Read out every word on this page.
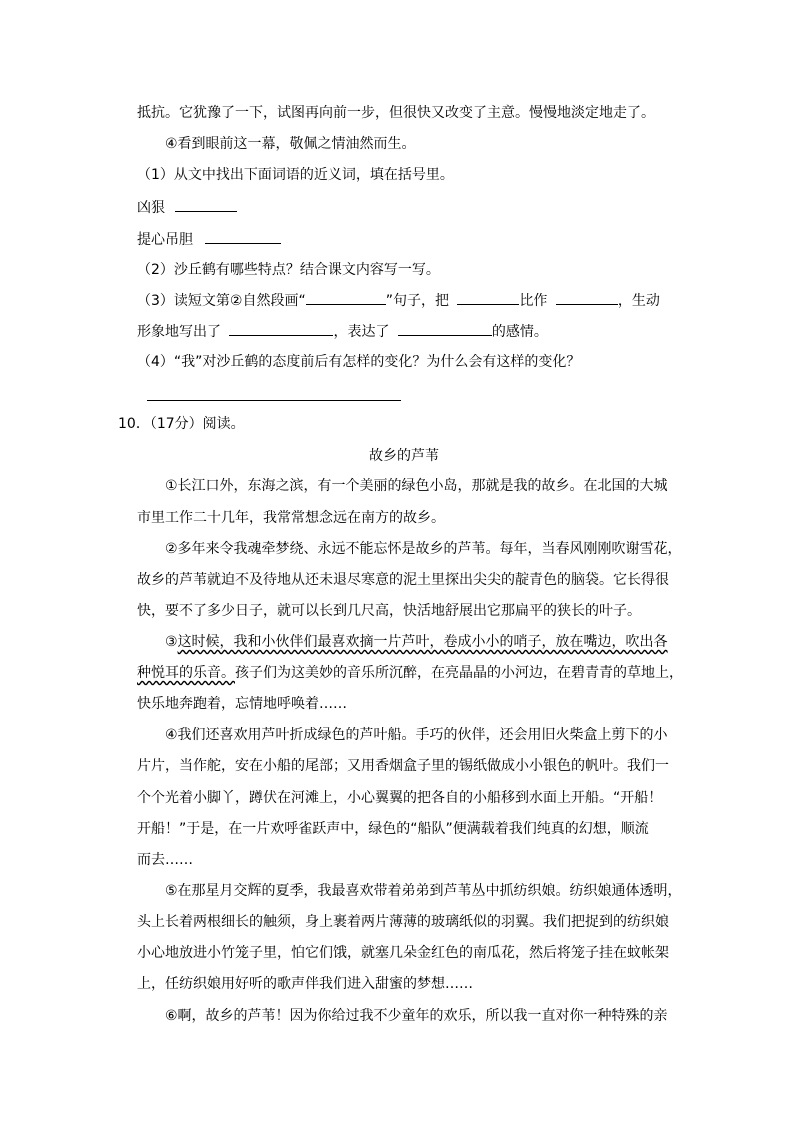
抵抗。它犹豫了一下，试图再向前一步，但很快又改变了主意。慢慢地淡定地走了。
④看到眼前这一幕，敬佩之情油然而生。
（1）从文中找出下面词语的近义词，填在括号里。
凶狠
提心吊胆
（2）沙丘鹤有哪些特点？结合课文内容写一写。
（3）读短文第②自然段画“	”句子，把	比作	，生动
形象地写出了	，表达了	的感情。
（4）“我”对沙丘鹤的态度前后有怎样的变化？为什么会有这样的变化？
10．（17分）阅读。
故乡的芦苇
①长江口外，东海之滨，有一个美丽的绿色小岛，那就是我的故乡。在北国的大城
市里工作二十几年，我常常想念远在南方的故乡。
②多年来令我魂牵梦绕、永远不能忘怀是故乡的芦苇。每年，当春风刚刚吹谢雪花，
故乡的芦苇就迫不及待地从还未退尽寒意的泥土里探出尖尖的靛青色的脑袋。它长得很
快，要不了多少日子，就可以长到几尺高，快活地舒展出它那扁平的狭长的叶子。
③这时候，我和小伙伴们最喜欢摘一片芦叶，卷成小小的哨子，放在嘴边，吹出各
种悦耳的乐音。孩子们为这美妙的音乐所沉醉，在亮晶晶的小河边，在碧青青的草地上，
快乐地奔跑着，忘情地呼唤着……
④我们还喜欢用芦叶折成绿色的芦叶船。手巧的伙伴，还会用旧火柴盒上剪下的小
片片，当作舵，安在小船的尾部；又用香烟盒子里的锡纸做成小小银色的帆叶。我们一
个个光着小脚丫，蹲伏在河滩上，小心翼翼的把各自的小船移到水面上开船。“开船！
开船！”于是，在一片欢呼雀跃声中，绿色的“船队”便满载着我们纯真的幻想，顺流
而去……
⑤在那星月交辉的夏季，我最喜欢带着弟弟到芦苇丛中抓纺织娘。纺织娘通体透明，
头上长着两根细长的触须，身上裹着两片薄薄的玻璃纸似的羽翼。我们把捉到的纺织娘
小心地放进小竹笼子里，怕它们饿，就塞几朵金红色的南瓜花，然后将笼子挂在蚊帐架
上，任纺织娘用好听的歌声伴我们进入甜蜜的梦想……
⑥啊，故乡的芦苇！因为你给过我不少童年的欢乐，所以我一直对你一种特殊的亲
